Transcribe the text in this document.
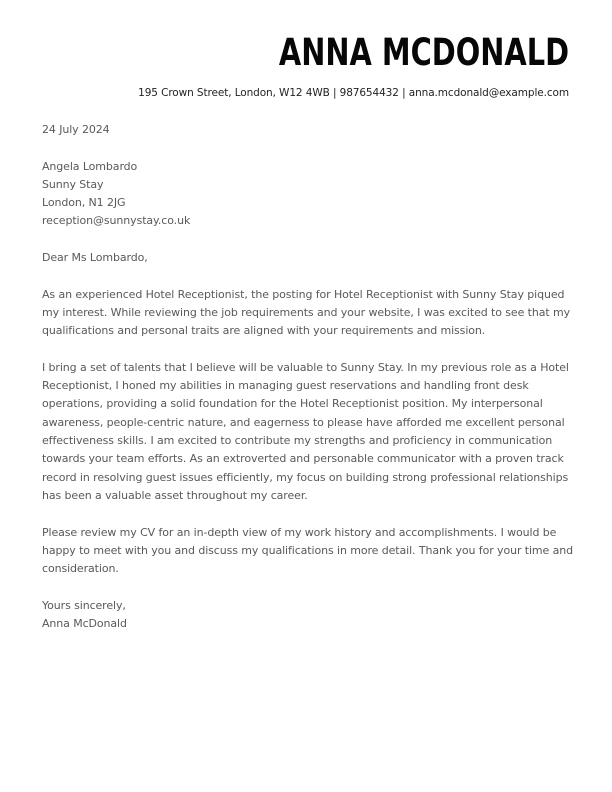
ANNA MCDONALD
195 Crown Street, London, W12 4WB | 987654432 | anna.mcdonald@example.com
24 July 2024
Angela Lombardo
Sunny Stay
London, N1 2JG
reception@sunnystay.co.uk
Dear Ms Lombardo,

As an experienced Hotel Receptionist, the posting for Hotel Receptionist with Sunny Stay piqued my interest. While reviewing the job requirements and your website, I was excited to see that my qualifications and personal traits are aligned with your requirements and mission.

I bring a set of talents that I believe will be valuable to Sunny Stay. In my previous role as a Hotel Receptionist, I honed my abilities in managing guest reservations and handling front desk operations, providing a solid foundation for the Hotel Receptionist position. My interpersonal awareness, people-centric nature, and eagerness to please have afforded me excellent personal effectiveness skills. I am excited to contribute my strengths and proficiency in communication towards your team efforts. As an extroverted and personable communicator with a proven track record in resolving guest issues efficiently, my focus on building strong professional relationships has been a valuable asset throughout my career.

Please review my CV for an in-depth view of my work history and accomplishments. I would be happy to meet with you and discuss my qualifications in more detail. Thank you for your time and consideration.

Yours sincerely,
Anna McDonald
